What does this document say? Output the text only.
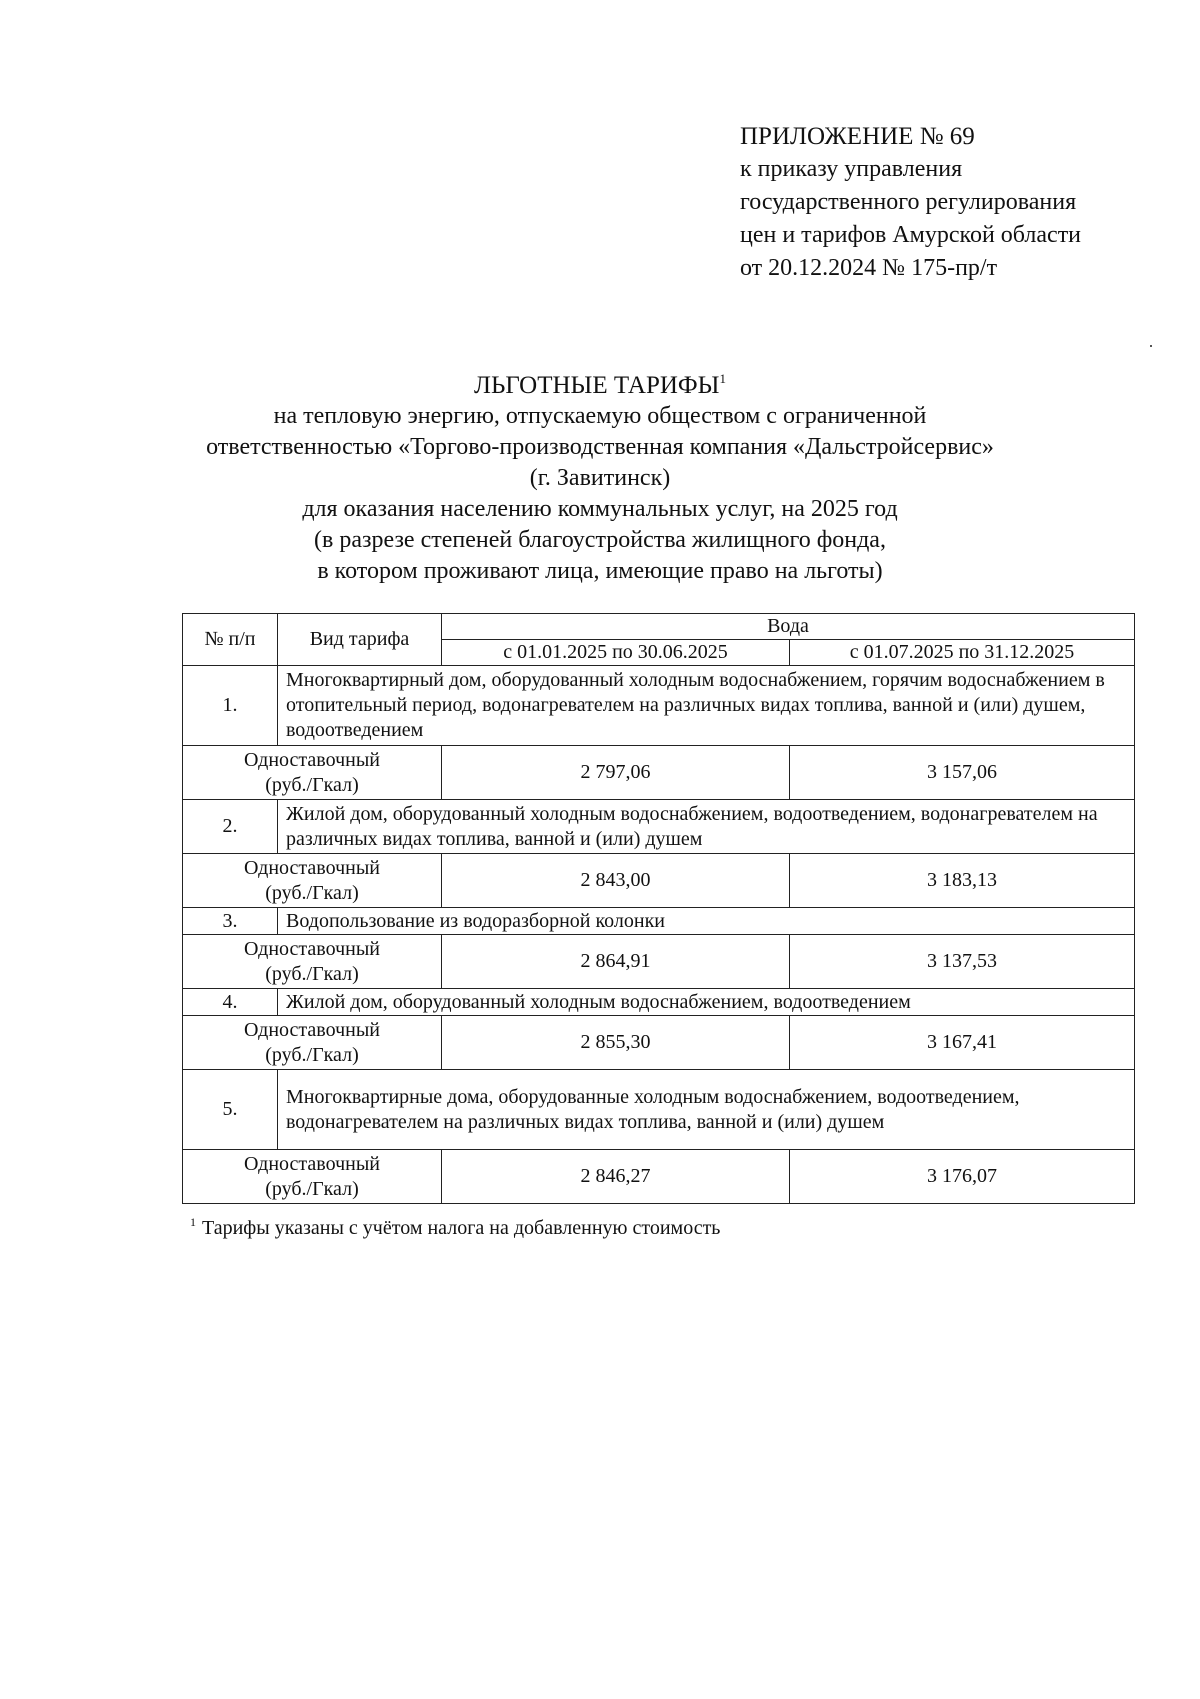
ПРИЛОЖЕНИЕ № 69
к приказу управления
государственного регулирования
цен и тарифов Амурской области
от 20.12.2024 № 175-пр/т
ЛЬГОТНЫЕ ТАРИФЫ$^1$
на тепловую энергию, отпускаемую обществом с ограниченной
ответственностью «Торгово-производственная компания «Дальстройсервис»
(г. Завитинск)
для оказания населению коммунальных услуг, на 2025 год
(в разрезе степеней благоустройства жилищного фонда,
в котором проживают лица, имеющие право на льготы)
№ п/п	Вид тарифа	Вода	
		с 01.01.2025 по 30.06.2025	с 01.07.2025 по 31.12.2025
1.	Многоквартирный дом, оборудованный холодным водоснабжением, горячим водоснабжением в отопительный период, водонагревателем на различных видах топлива, ванной и (или) душем, водоотведением		

Одноставочный
(руб./Гкал)		2 797,06	3 157,06
2.	Жилой дом, оборудованный холодным водоснабжением, водоотведением, водонагревателем на различных видах топлива, ванной и (или) душем		

Одноставочный
(руб./Гкал)		2 843,00	3 183,13
3.	Водопользование из водоразборной колонки		

Одноставочный
(руб./Гкал)		2 864,91	3 137,53
4.	Жилой дом, оборудованный холодным водоснабжением, водоотведением		

Одноставочный
(руб./Гкал)		2 855,30	3 167,41
5.	Многоквартирные дома, оборудованные холодным водоснабжением, водоотведением, водонагревателем на различных видах топлива, ванной и (или) душем		

Одноставочный
(руб./Гкал)		2 846,27	3 176,07
$^1$ Тарифы указаны с учётом налога на добавленную стоимость
